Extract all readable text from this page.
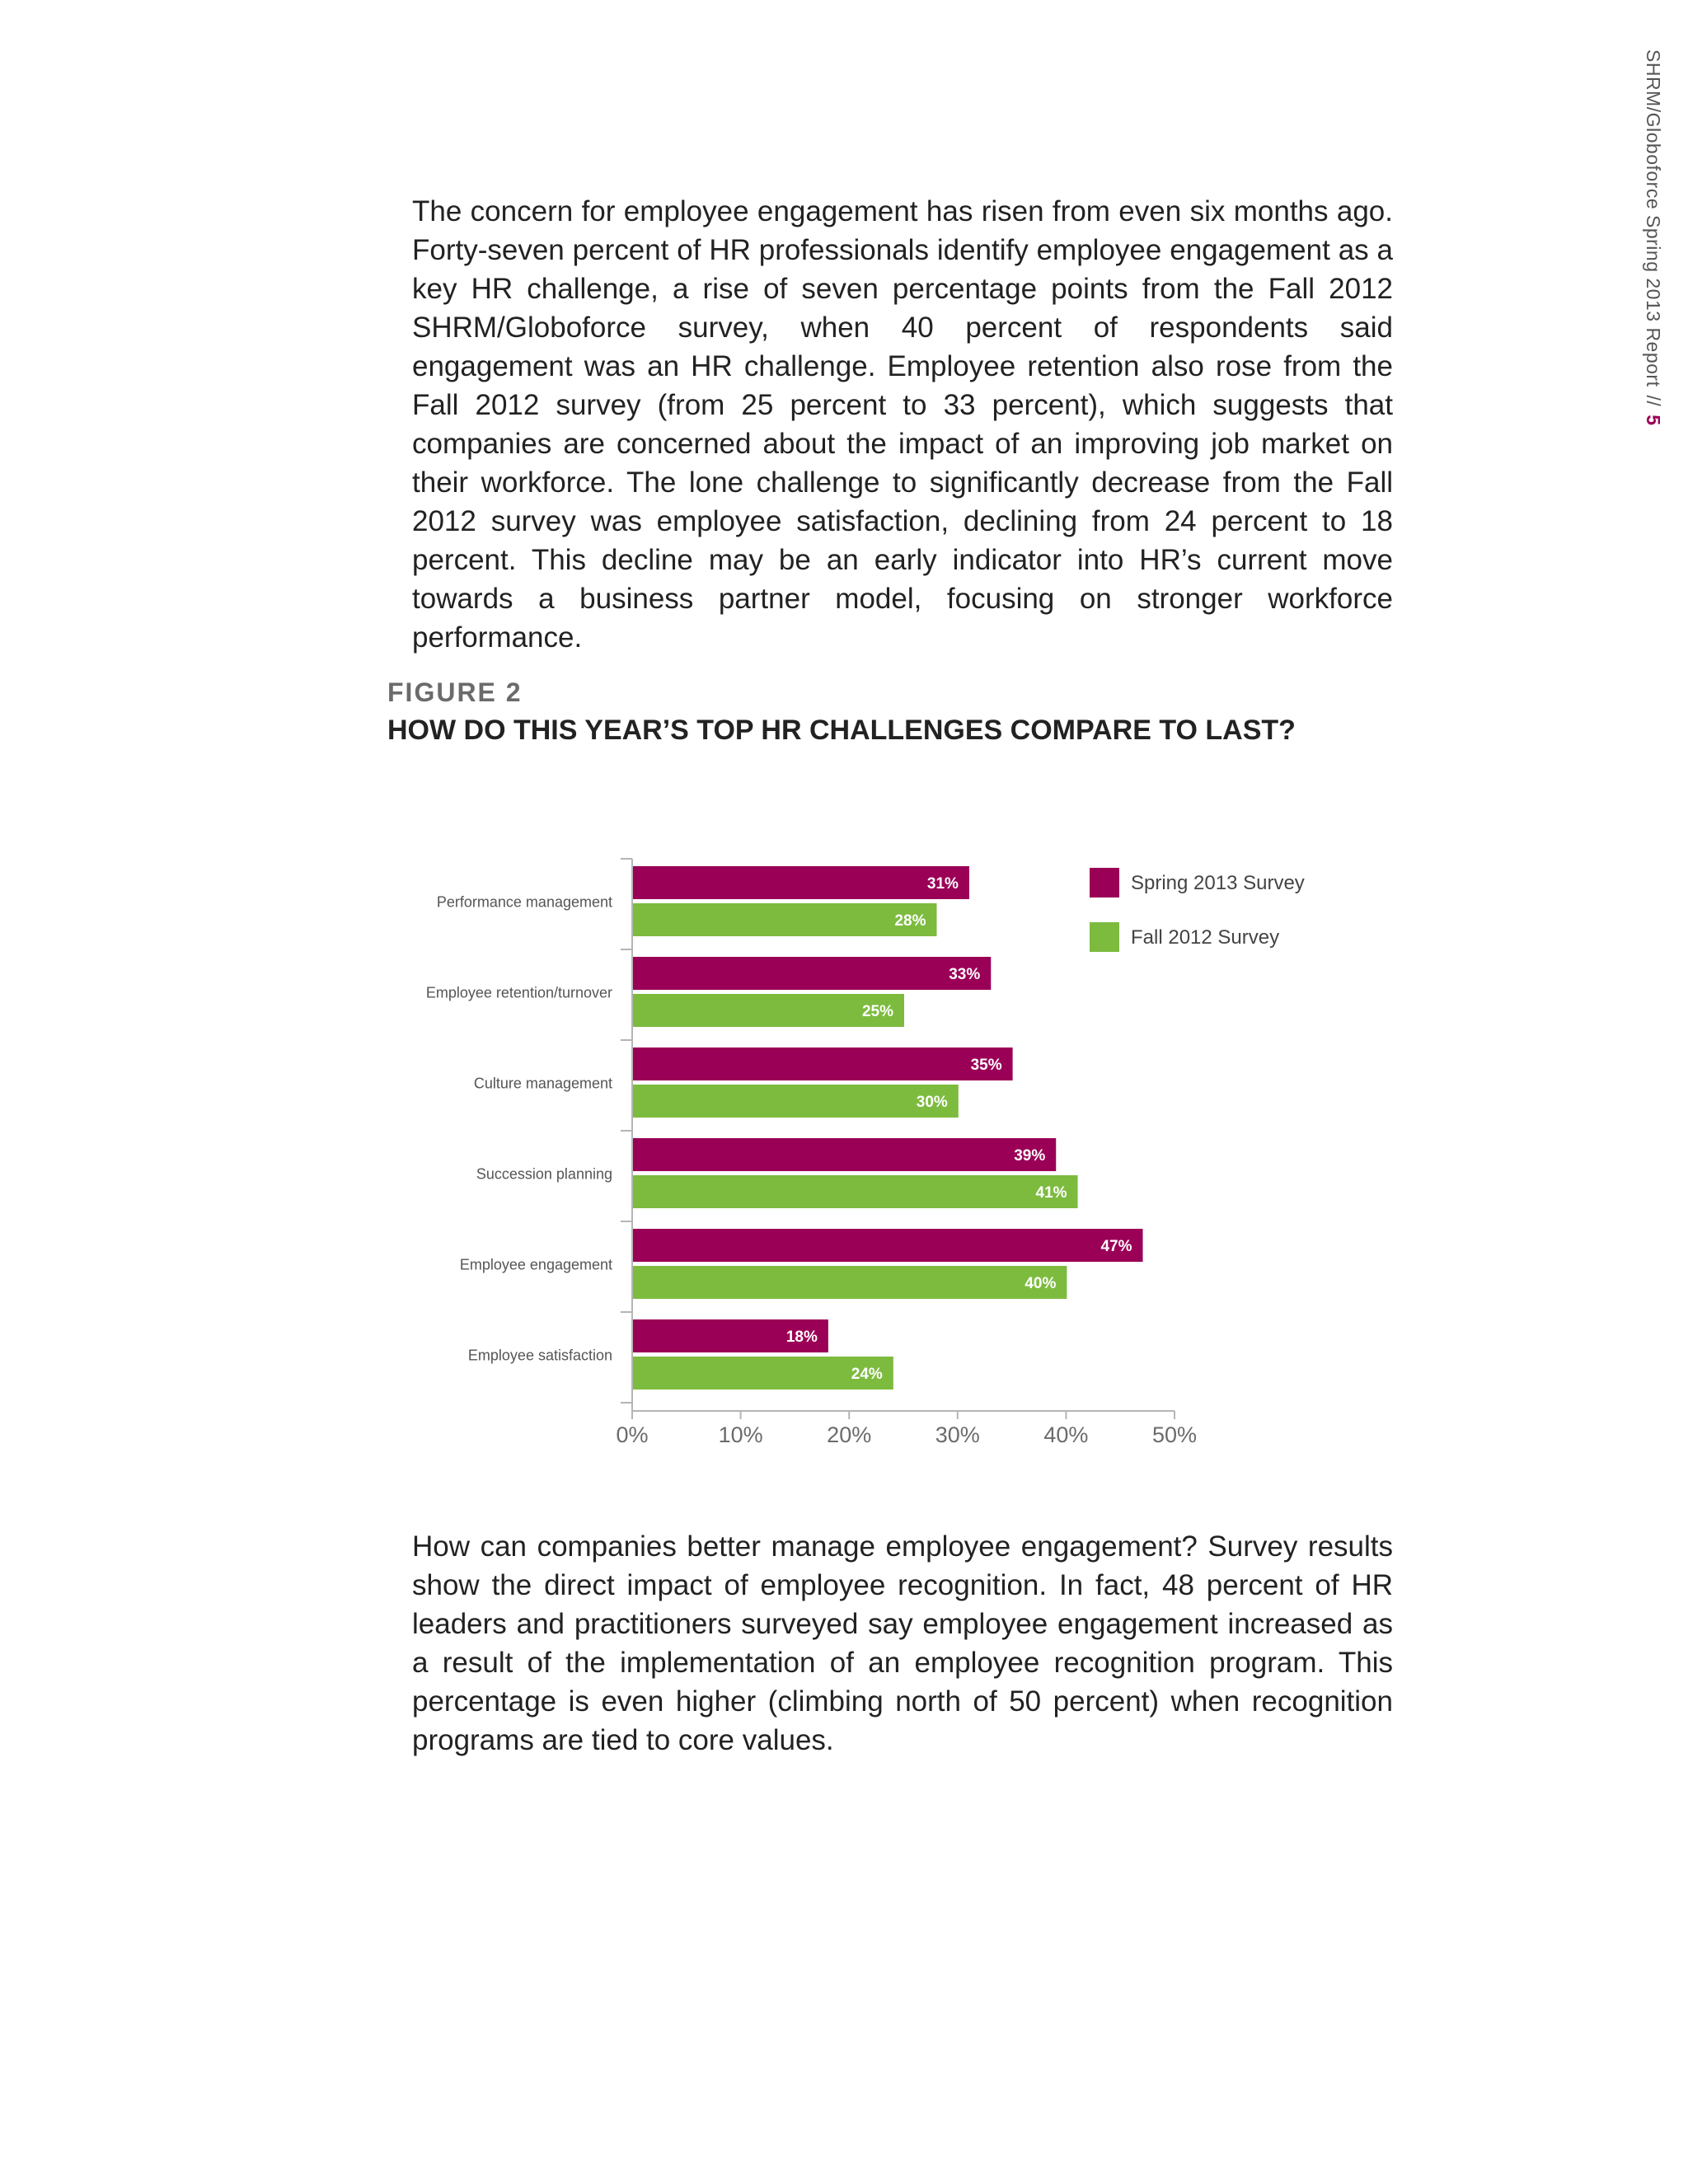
SHRM/Globoforce Spring 2013 Report//5

The concern for employee engagement has risen from even six months ago. Forty-seven percent of HR professionals identify employee engagement as a key HR challenge, a rise of seven percentage points from the Fall 2012 SHRM/Globoforce survey, when 40 percent of respondents said engagement was an HR challenge. Employee retention also rose from the Fall 2012 survey (from 25 percent to 33 percent), which suggests that companies are concerned about the impact of an improving job market on their workforce. The lone challenge to significantly decrease from the Fall 2012 survey was employee satisfaction, declining from 24 percent to 18 percent. This decline may be an early indicator into HR’s current move towards a business partner model, focusing on stronger workforce performance.

FIGURE 2
HOW DO THIS YEAR’S TOP HR CHALLENGES COMPARE TO LAST?
Performance management
Employee retention/turnover
Culture management
Succession planning
Employee engagement
Employee satisfaction
31%
33%
35%
39%
47%
18%
28%
25%
30%
41%
40%
24%
0%	10%	20%	30%	40%	50%
Spring 2013 Survey
Fall 2012 Survey

How can companies better manage employee engagement? Survey results show the direct impact of employee recognition. In fact, 48 percent of HR leaders and practitioners surveyed say employee engagement increased as a result of the implementation of an employee recognition program. This percentage is even higher (climbing north of 50 percent) when recognition programs are tied to core values.
